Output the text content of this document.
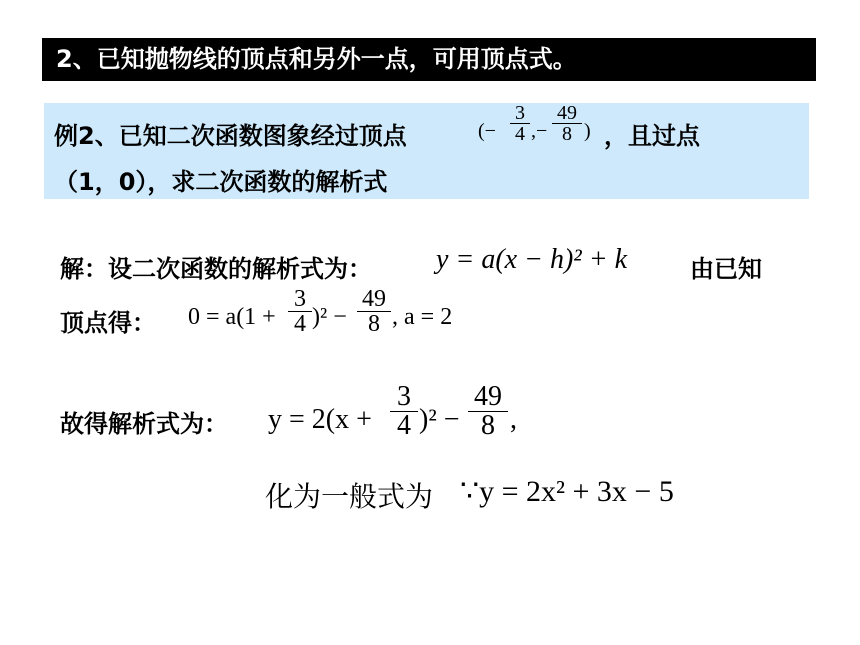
2、已知抛物线的顶点和另外一点，可用顶点式。
例2、已知二次函数图象经过顶点	(−
3
4 ,−
49
8 ) ，且过点
（1，0），求二次函数的解析式
解：设二次函数的解析式为： y = a(x − h)² + k	由已知
顶点得： 0 = a(1 +
3
4 )² −
49
8 , a = 2
故得解析式为： y = 2(x +
3
4 )² −
49
8 ,
化为一般式为 ∵y = 2x² + 3x − 5
